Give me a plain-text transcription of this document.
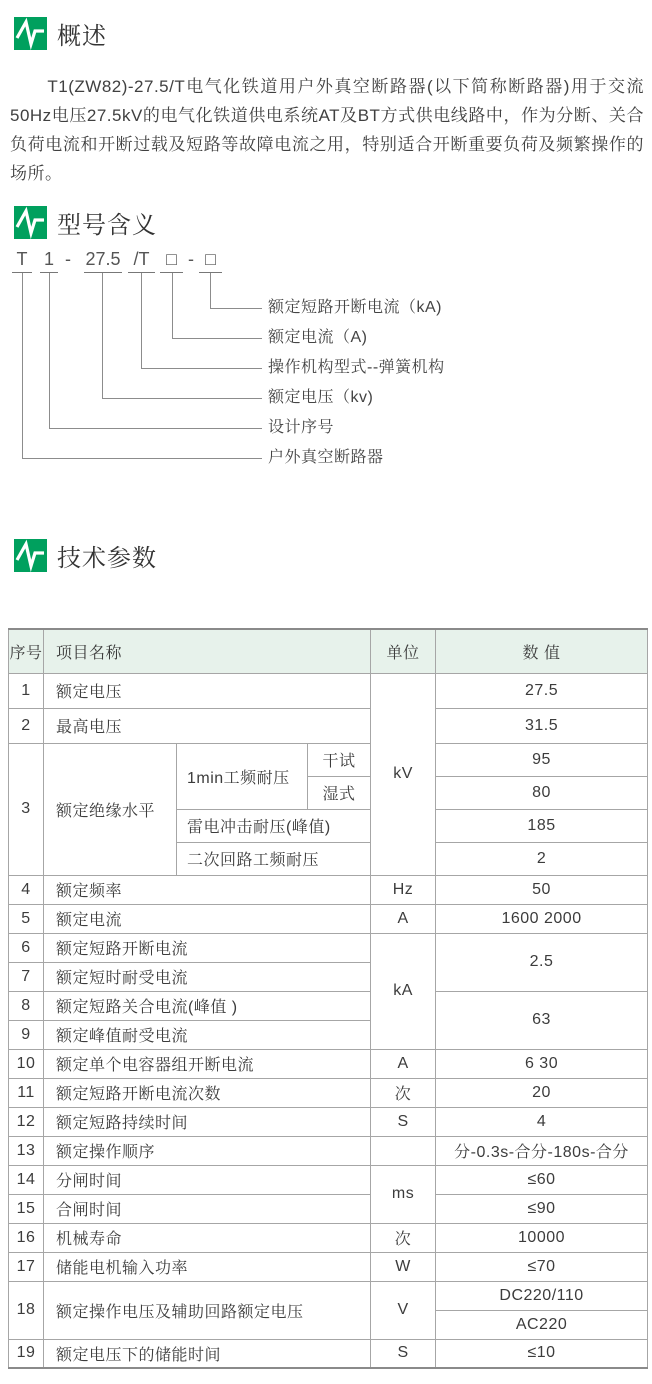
概述

T1(ZW82)-27.5/T电气化铁道用户外真空断路器(以下简称断路器)用于交流50Hz电压27.5kV的电气化铁道供电系统AT及BT方式供电线路中，作为分断、关合负荷电流和开断过载及短路等故障电流之用，特别适合开断重要负荷及频繁操作的场所。

型号含义
T 1 - 27.5 /T □ - □
额定短路开断电流（kA)
额定电流（A)
操作机构型式--弹簧机构
额定电压（kv)
设计序号
户外真空断路器
技术参数
序号	项目名称			单位	数 值
1	额定电压			kV	27.5
2	最高电压				31.5
3	额定绝缘水平	1min工频耐压	干试		95
			湿式		80
		雷电冲击耐压(峰值)			185
		二次回路工频耐压			2
4	额定频率			Hz	50
5	额定电流			A	1600 2000
6	额定短路开断电流			kA	2.5
7	额定短时耐受电流				
8	额定短路关合电流(峰值 )				63
9	额定峰值耐受电流				
10	额定单个电容器组开断电流			A	6 30
11	额定短路开断电流次数			次	20
12	额定短路持续时间			S	4
13	额定操作顺序				分-0.3s-合分-180s-合分
14	分闸时间			ms	≤60
15	合闸时间				≤90
16	机械寿命			次	10000
17	储能电机输入功率			W	≤70
18	额定操作电压及辅助回路额定电压			V	DC220/110
					AC220
19	额定电压下的储能时间			S	≤10
